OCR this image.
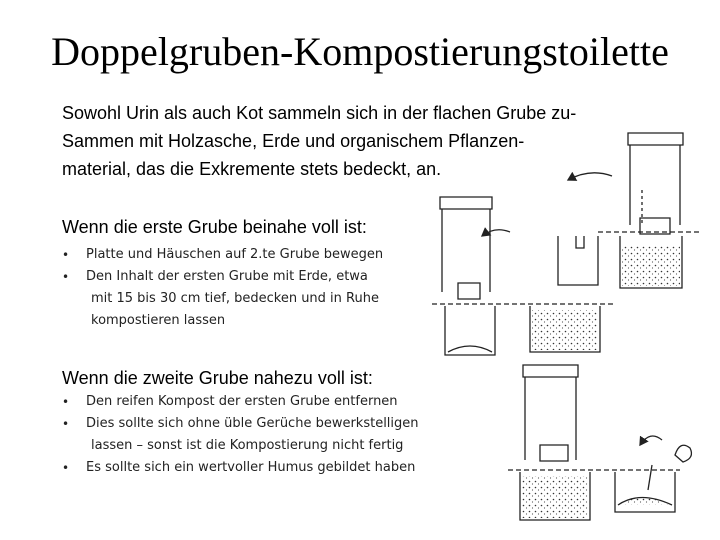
Doppelgruben-Kompostierungstoilette
Sowohl Urin als auch Kot sammeln sich in der flachen Grube zu-
Sammen mit Holzasche, Erde und organischem Pflanzen-
material, das die Exkremente stets bedeckt, an.
Wenn die erste Grube beinahe voll ist:
• Platte und Häuschen auf 2.te Grube bewegen
• Den Inhalt der ersten Grube mit Erde, etwa
mit 15 bis 30 cm tief, bedecken und in Ruhe
kompostieren lassen
Wenn die zweite Grube nahezu voll ist:
• Den reifen Kompost der ersten Grube entfernen
• Dies sollte sich ohne üble Gerüche bewerkstelligen
lassen – sonst ist die Kompostierung nicht fertig
• Es sollte sich ein wertvoller Humus gebildet haben
